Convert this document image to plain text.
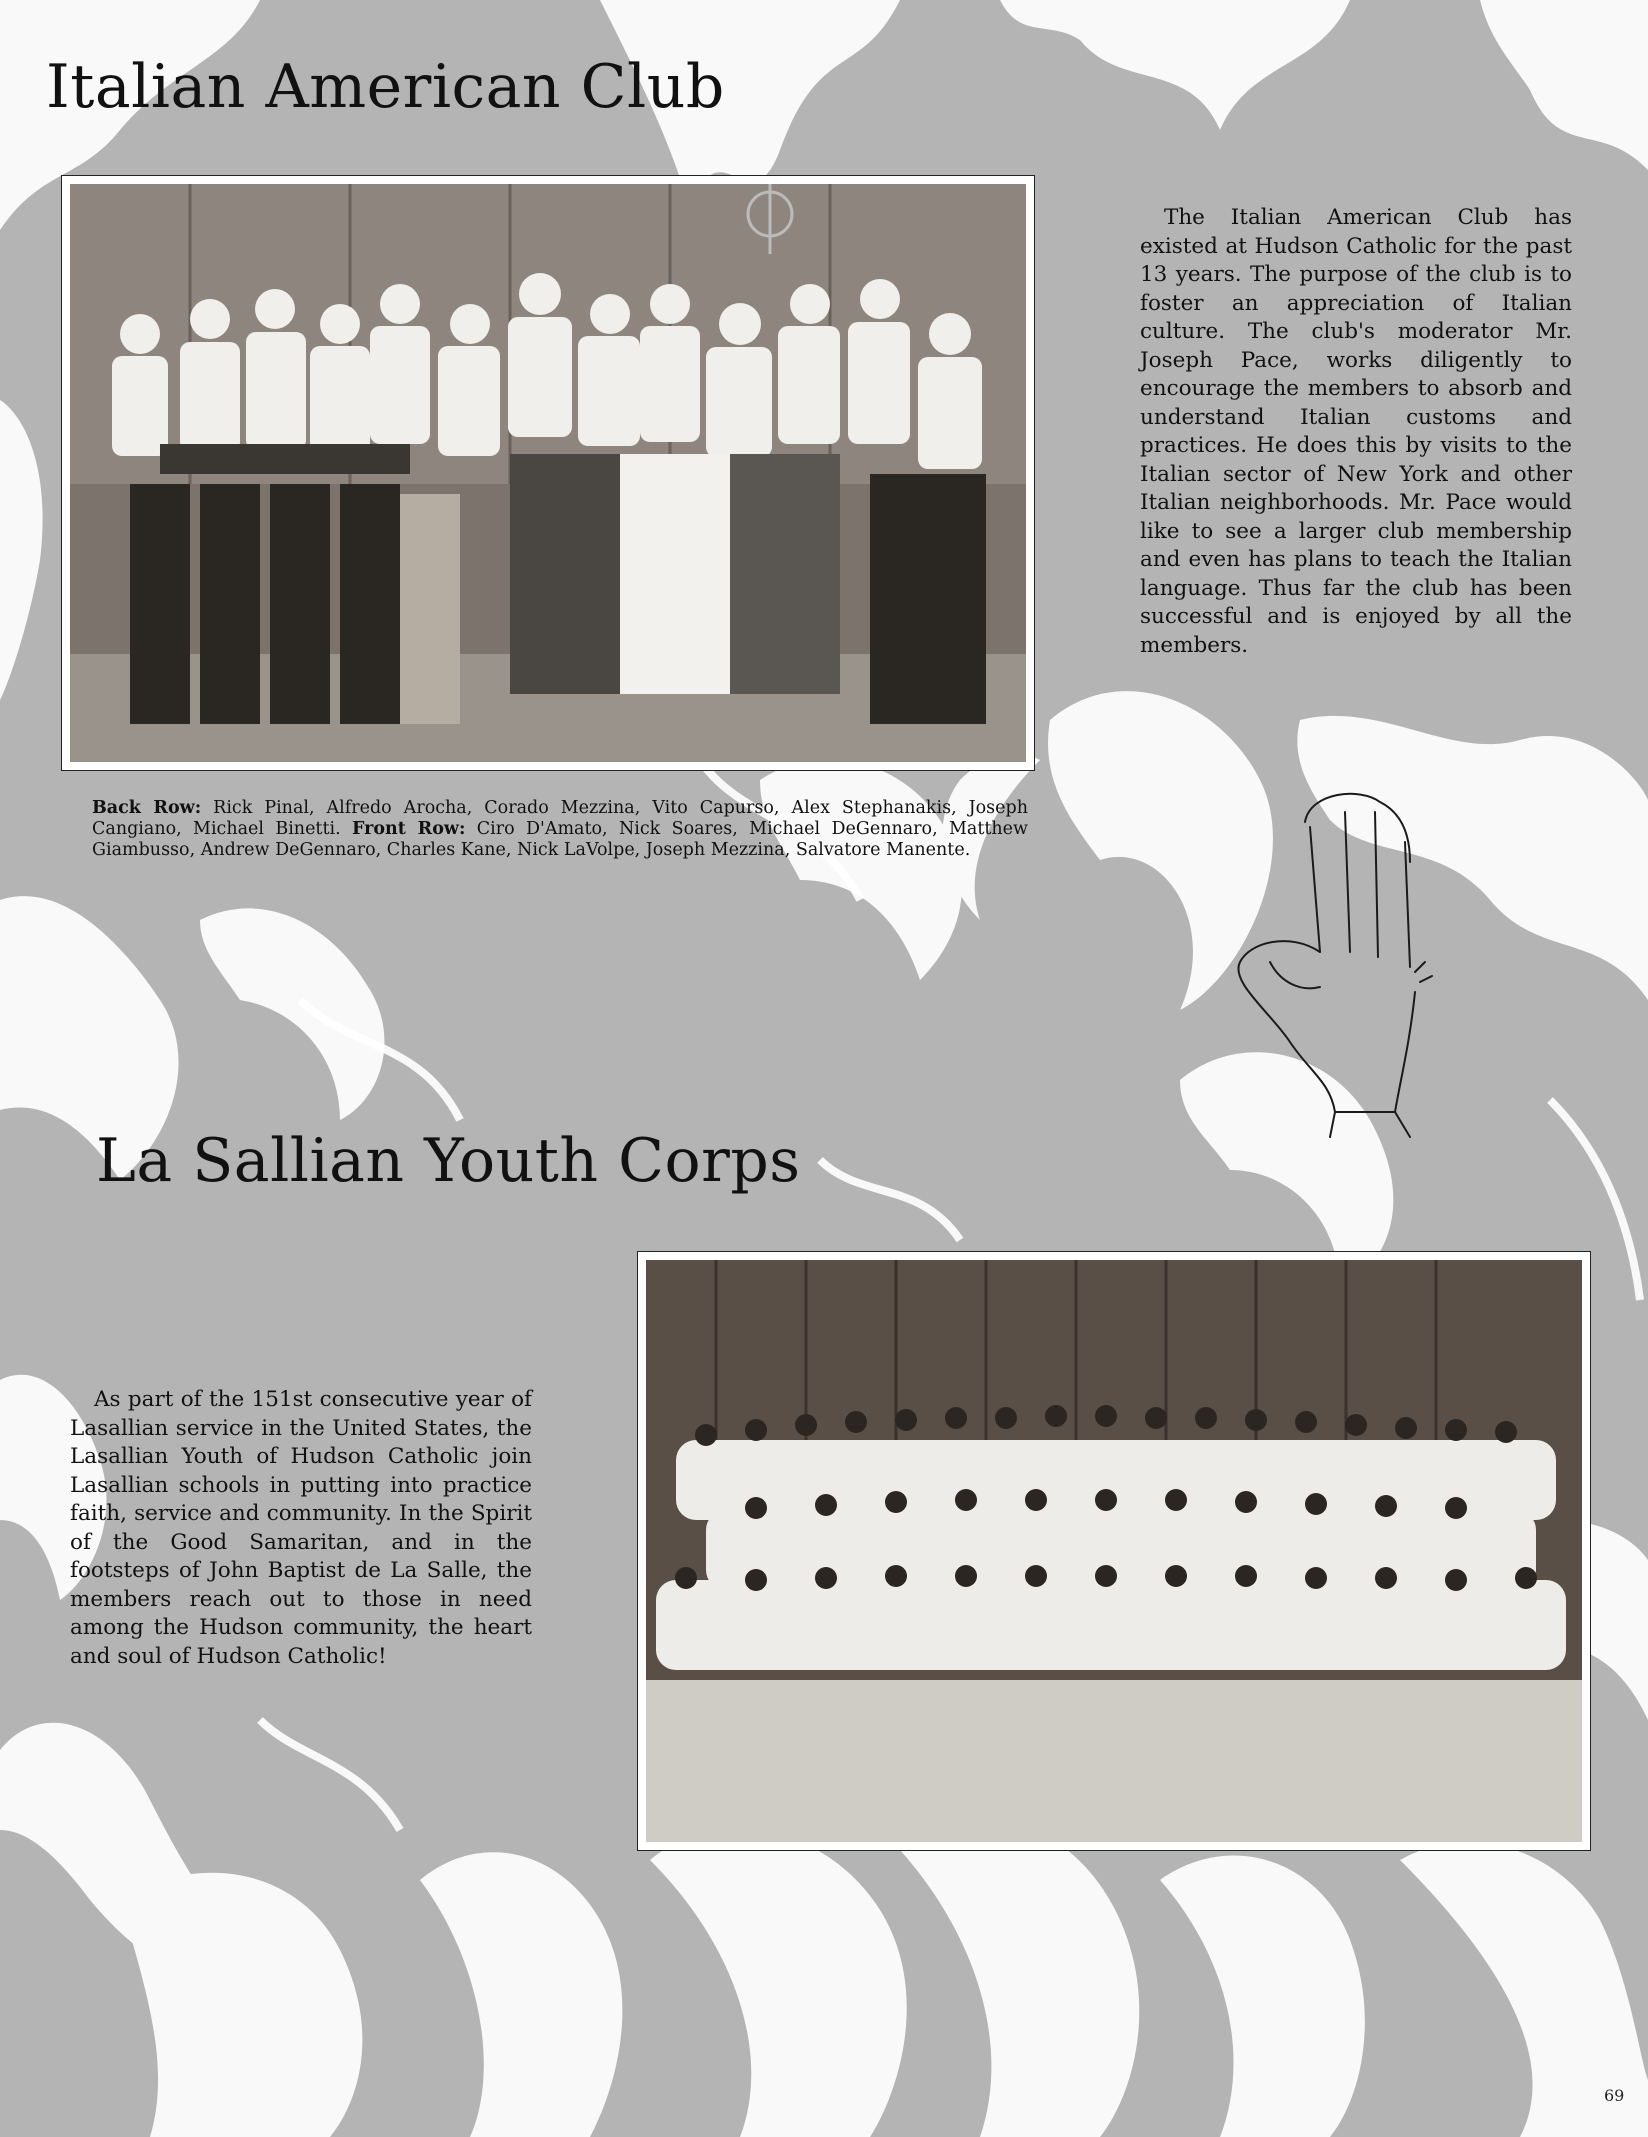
Italian American Club
Back Row: Rick Pinal, Alfredo Arocha, Corado Mezzina, Vito Capurso, Alex Stephanakis, Joseph Cangiano, Michael Binetti. Front Row: Ciro D'Amato, Nick Soares, Michael DeGennaro, Matthew Giambusso, Andrew DeGennaro, Charles Kane, Nick LaVolpe, Joseph Mezzina, Salvatore Manente.
The Italian American Club has existed at Hudson Catholic for the past 13 years. The purpose of the club is to foster an appreciation of Italian culture. The club's moderator Mr. Joseph Pace, works diligently to encourage the members to absorb and understand Italian customs and practices. He does this by visits to the Italian sector of New York and other Italian neighborhoods. Mr. Pace would like to see a larger club membership and even has plans to teach the Italian language. Thus far the club has been successful and is enjoyed by all the members.
La Sallian Youth Corps
As part of the 151st consecutive year of Lasallian service in the United States, the Lasallian Youth of Hudson Catholic join Lasallian schools in putting into practice faith, service and community. In the Spirit of the Good Samaritan, and in the footsteps of John Baptist de La Salle, the members reach out to those in need among the Hudson community, the heart and soul of Hudson Catholic!
69
